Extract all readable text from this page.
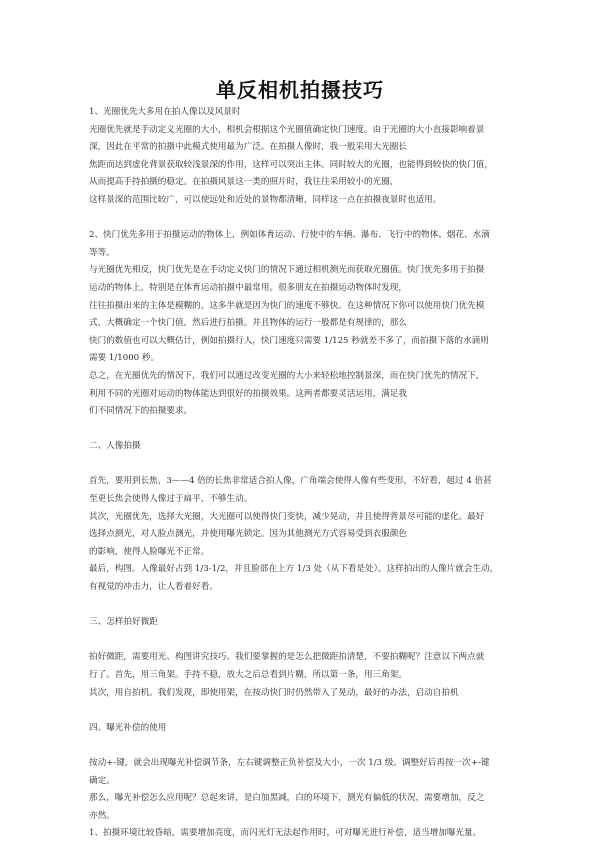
单反相机拍摄技巧

1、光圈优先大多用在拍人像以及风景时

光圈优先就是手动定义光圈的大小，相机会根据这个光圈值确定快门速度。由于光圈的大小直接影响着景

深，因此在平常的拍摄中此模式使用最为广泛。在拍摄人像时，我一般采用大光圈长

焦距而达到虚化背景获取较浅景深的作用，这样可以突出主体。同时较大的光圈，也能得到较快的快门值，

从而提高手持拍摄的稳定。在拍摄风景这一类的照片时，我往往采用较小的光圈，

这样景深的范围比较广，可以使远处和近处的景物都清晰，同样这一点在拍摄夜景时也适用。

2、快门优先多用于拍摄运动的物体上，例如体育运动、行使中的车辆、瀑布、飞行中的物体、烟花、水滴

等等。

与光圈优先相反，快门优先是在手动定义快门的情况下通过相机测光而获取光圈值。快门优先多用于拍摄

运动的物体上，特别是在体育运动拍摄中最常用。很多朋友在拍摄运动物体时发现，

往往拍摄出来的主体是模糊的，这多半就是因为快门的速度不够快。在这种情况下你可以使用快门优先模

式，大概确定一个快门值，然后进行拍摄。并且物体的运行一般都是有规律的，那么

快门的数值也可以大概估计，例如拍摄行人，快门速度只需要 1/125 秒就差不多了，而拍摄下落的水滴则

需要 1/1000 秒。

总之，在光圈优先的情况下，我们可以通过改变光圈的大小来轻松地控制景深，而在快门优先的情况下，

利用不同的光圈对运动的物体能达到很好的拍摄效果。这两者都要灵活运用，满足我

们不同情况下的拍摄要求。

二、人像拍摄

首先，要用到长焦，3——4 倍的长焦非常适合拍人像，广角端会使得人像有些变形，不好看，超过 4 倍甚

至更长焦会使得人像过于扁平，不够生动。

其次，光圈优先，选择大光圈，大光圈可以使得快门变快，减少晃动，并且使得背景尽可能的虚化。最好

选择点测光，对人脸点测光，并使用曝光锁定。因为其他测光方式容易受到衣服颜色

的影响，使得人脸曝光不正常。

最后，构图。人像最好占到 1/3-1/2，并且脸部在上方 1/3 处（从下看是处）。这样拍出的人像片就会生动，

有视觉的冲击力，让人看着好看。

三、怎样拍好微距

拍好微距，需要用光、构图讲究技巧。我们要掌握的是怎么把微距拍清楚，不要拍糊呢？注意以下两点就

行了。首先，用三角架。手持不稳，放大之后总看到片糊，所以第一条，用三角架。

其次，用自拍机。我们发现，即使用架，在按动快门时仍然带入了晃动，最好的办法，启动自拍机

四、曝光补偿的使用

按动+-键，就会出现曝光补偿调节条，左右键调整正负补偿及大小，一次 1/3 级。调整好后再按一次+-键

确定。

那么，曝光补偿怎么应用呢？总起来讲，是白加黑减，白的环境下，测光有偏低的状况，需要增加，反之

亦然。

1、拍摄环境比较昏暗，需要增加亮度，而闪光灯无法起作用时，可对曝光进行补偿，适当增加曝光量。
